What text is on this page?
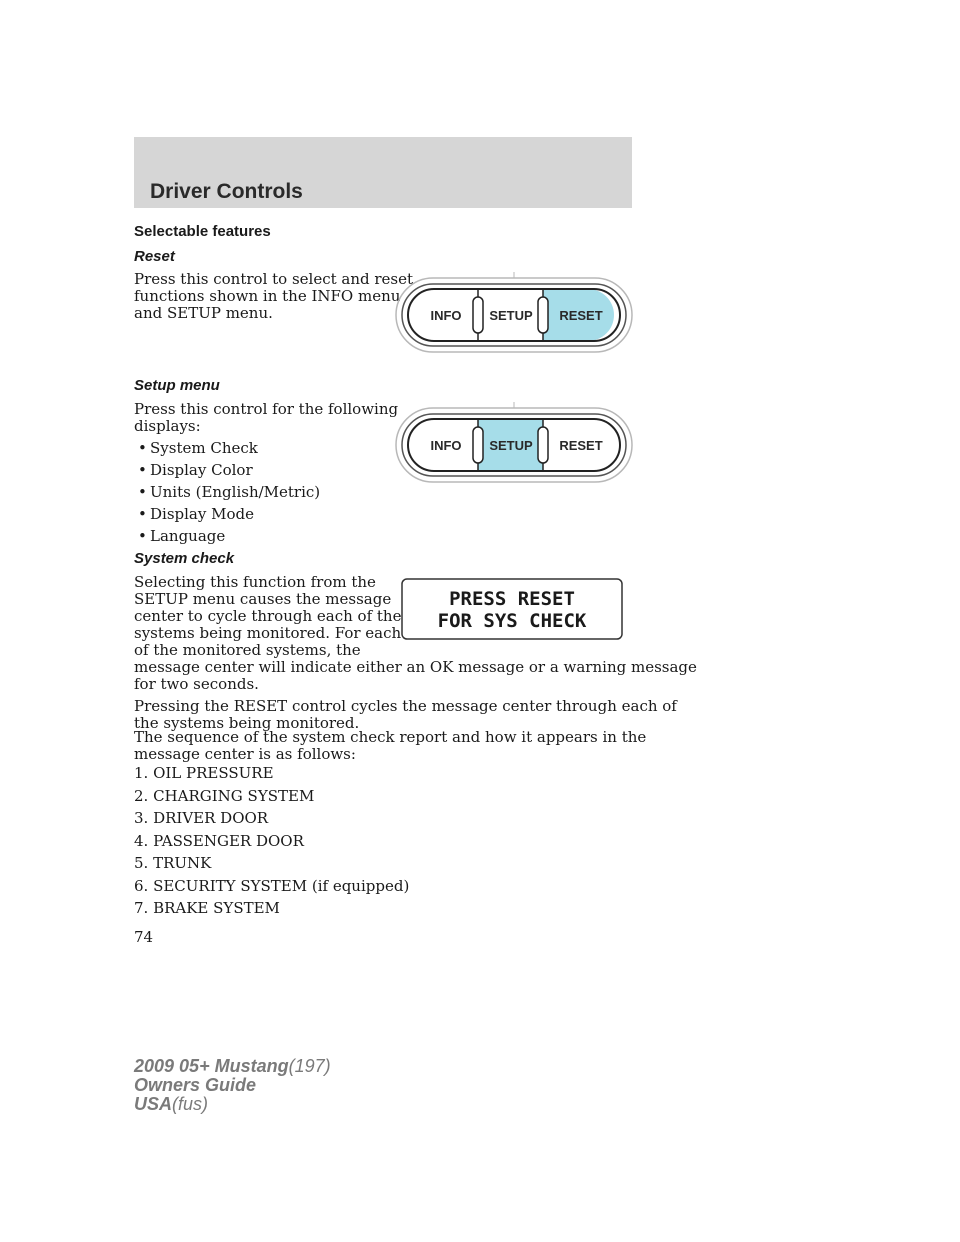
Driver Controls
Selectable features
Reset
Press this control to select and reset
functions shown in the INFO menu
and SETUP menu.	INFO SETUP RESET
Setup menu
Press this control for the following
displays:
• System Check
• Display Color
• Units (English/Metric)
• Display Mode
• Language
INFO SETUP RESET
System check
Selecting this function from the
SETUP menu causes the message
center to cycle through each of the
systems being monitored. For each
of the monitored systems, the
message center will indicate either an OK message or a warning message
for two seconds.
PRESS RESET
FOR SYS CHECK
Pressing the RESET control cycles the message center through each of
the systems being monitored.
The sequence of the system check report and how it appears in the
message center is as follows:
1. OIL PRESSURE
2. CHARGING SYSTEM
3. DRIVER DOOR
4. PASSENGER DOOR
5. TRUNK
6. SECURITY SYSTEM (if equipped)
7. BRAKE SYSTEM
74
2009 05+ Mustang(197)
Owners Guide
USA(fus)
